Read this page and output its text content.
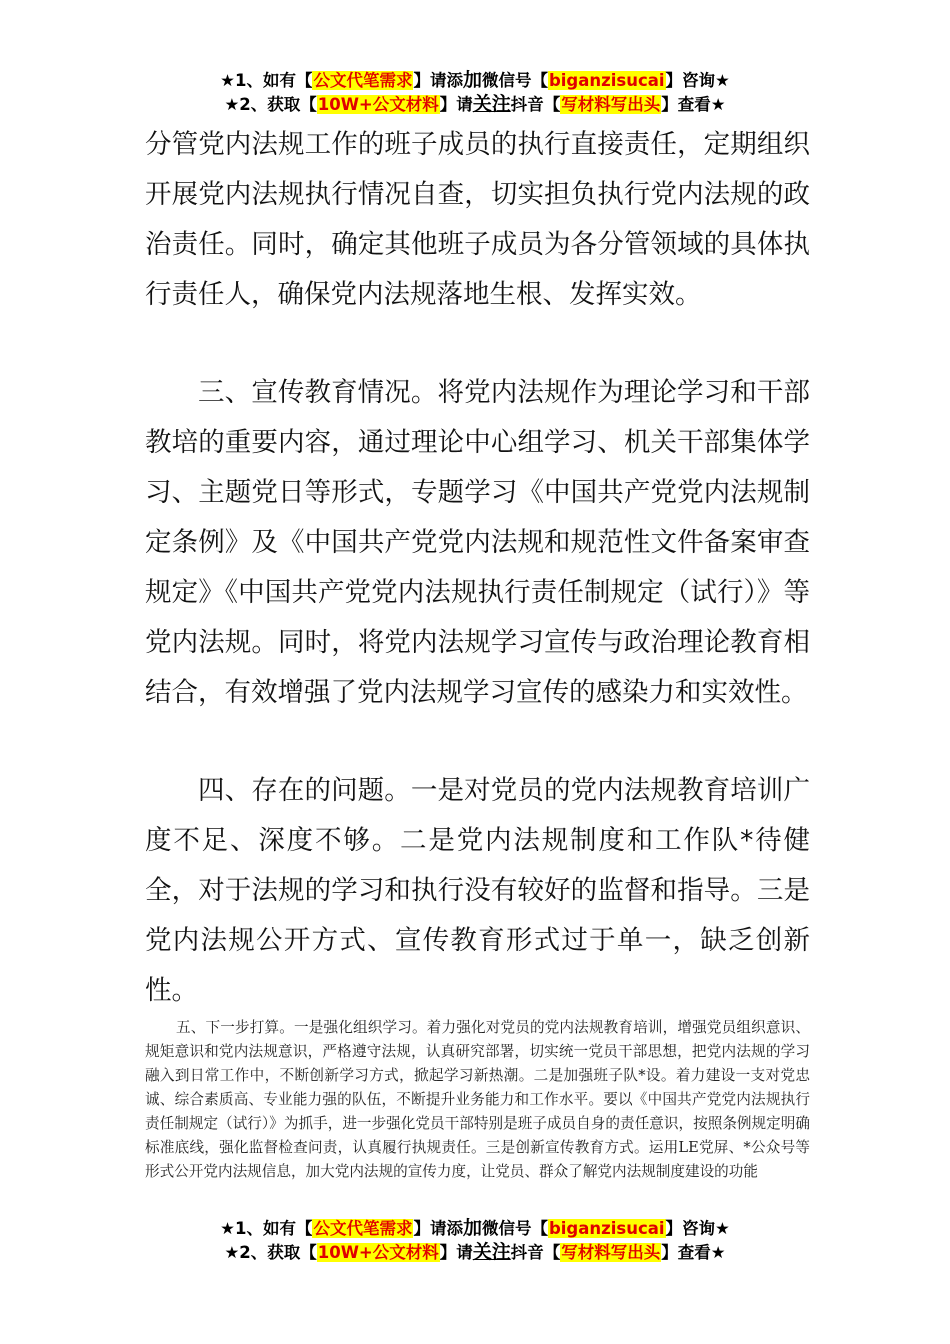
★1、如有【公文代笔需求】请添加微信号【biganzisucai】咨询★
★2、获取【10W+公文材料】请关注抖音【写材料写出头】查看★

分管党内法规工作的班子成员的执行直接责任，定期组织开展党内法规执行情况自查，切实担负执行党内法规的政治责任。同时，确定其他班子成员为各分管领域的具体执行责任人，确保党内法规落地生根、发挥实效。

三、宣传教育情况。将党内法规作为理论学习和干部教培的重要内容，通过理论中心组学习、机关干部集体学习、主题党日等形式，专题学习《中国共产党党内法规制定条例》及《中国共产党党内法规和规范性文件备案审查规定》《中国共产党党内法规执行责任制规定（试行）》等党内法规。同时，将党内法规学习宣传与政治理论教育相结合，有效增强了党内法规学习宣传的感染力和实效性。

四、存在的问题。一是对党员的党内法规教育培训广度不足、深度不够。二是党内法规制度和工作队*待健全，对于法规的学习和执行没有较好的监督和指导。三是党内法规公开方式、宣传教育形式过于单一，缺乏创新性。

五、下一步打算。一是强化组织学习。着力强化对党员的党内法规教育培训，增强党员组织意识、规矩意识和党内法规意识，严格遵守法规，认真研究部署，切实统一党员干部思想，把党内法规的学习融入到日常工作中，不断创新学习方式，掀起学习新热潮。二是加强班子队*设。着力建设一支对党忠诚、综合素质高、专业能力强的队伍，不断提升业务能力和工作水平。要以《中国共产党党内法规执行责任制规定（试行）》为抓手，进一步强化党员干部特别是班子成员自身的责任意识，按照条例规定明确标准底线，强化监督检查问责，认真履行执规责任。三是创新宣传教育方式。运用LE党屏、*公众号等形式公开党内法规信息，加大党内法规的宣传力度，让党员、群众了解党内法规制度建设的功能
★1、如有【公文代笔需求】请添加微信号【biganzisucai】咨询★
★2、获取【10W+公文材料】请关注抖音【写材料写出头】查看★
